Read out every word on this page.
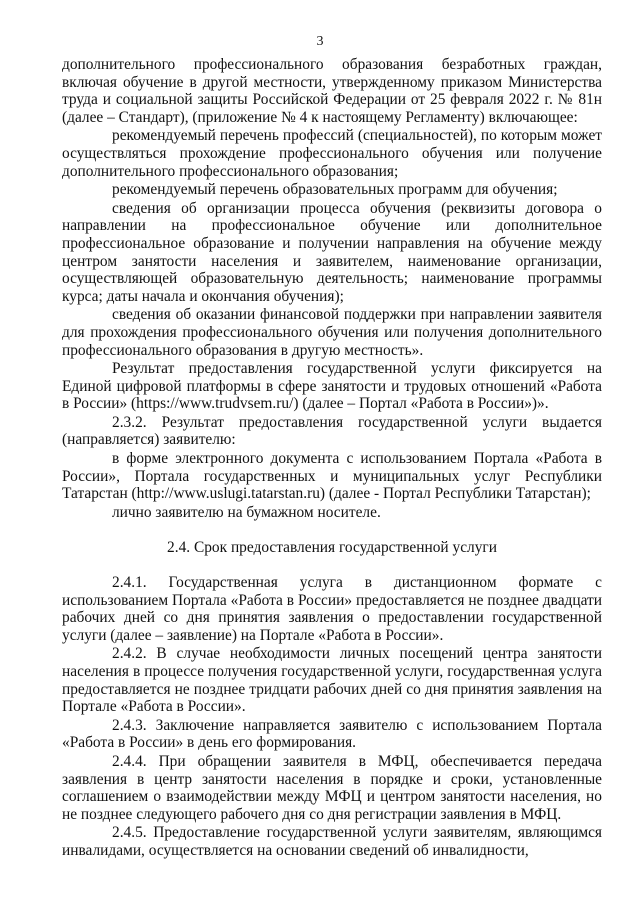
3

дополнительного профессионального образования безработных граждан, включая обучение в другой местности, утвержденному приказом Министерства труда и социальной защиты Российской Федерации от 25 февраля 2022 г. № 81н (далее – Стандарт), (приложение № 4 к настоящему Регламенту) включающее:

рекомендуемый перечень профессий (специальностей), по которым может осуществляться прохождение профессионального обучения или получение дополнительного профессионального образования;

рекомендуемый перечень образовательных программ для обучения;

сведения об организации процесса обучения (реквизиты договора о направлении на профессиональное обучение или дополнительное профессиональное образование и получении направления на обучение между центром занятости населения и заявителем, наименование организации, осуществляющей образовательную деятельность; наименование программы курса; даты начала и окончания обучения);

сведения об оказании финансовой поддержки при направлении заявителя для прохождения профессионального обучения или получения дополнительного профессионального образования в другую местность».

Результат предоставления государственной услуги фиксируется на Единой цифровой платформы в сфере занятости и трудовых отношений «Работа в России» (https://www.trudvsem.ru/) (далее – Портал «Работа в России»)».

2.3.2. Результат предоставления государственной услуги выдается (направляется) заявителю:

в форме электронного документа с использованием Портала «Работа в России», Портала государственных и муниципальных услуг Республики Татарстан (http://www.uslugi.tatarstan.ru) (далее - Портал Республики Татарстан);

лично заявителю на бумажном носителе.

2.4. Срок предоставления государственной услуги

2.4.1. Государственная услуга в дистанционном формате с использованием Портала «Работа в России» предоставляется не позднее двадцати рабочих дней со дня принятия заявления о предоставлении государственной услуги (далее – заявление) на Портале «Работа в России».

2.4.2. В случае необходимости личных посещений центра занятости населения в процессе получения государственной услуги, государственная услуга предоставляется не позднее тридцати рабочих дней со дня принятия заявления на Портале «Работа в России».

2.4.3. Заключение направляется заявителю с использованием Портала «Работа в России» в день его формирования.

2.4.4. При обращении заявителя в МФЦ, обеспечивается передача заявления в центр занятости населения в порядке и сроки, установленные соглашением о взаимодействии между МФЦ и центром занятости населения, но не позднее следующего рабочего дня со дня регистрации заявления в МФЦ.

2.4.5. Предоставление государственной услуги заявителям, являющимся инвалидами, осуществляется на основании сведений об инвалидности,
